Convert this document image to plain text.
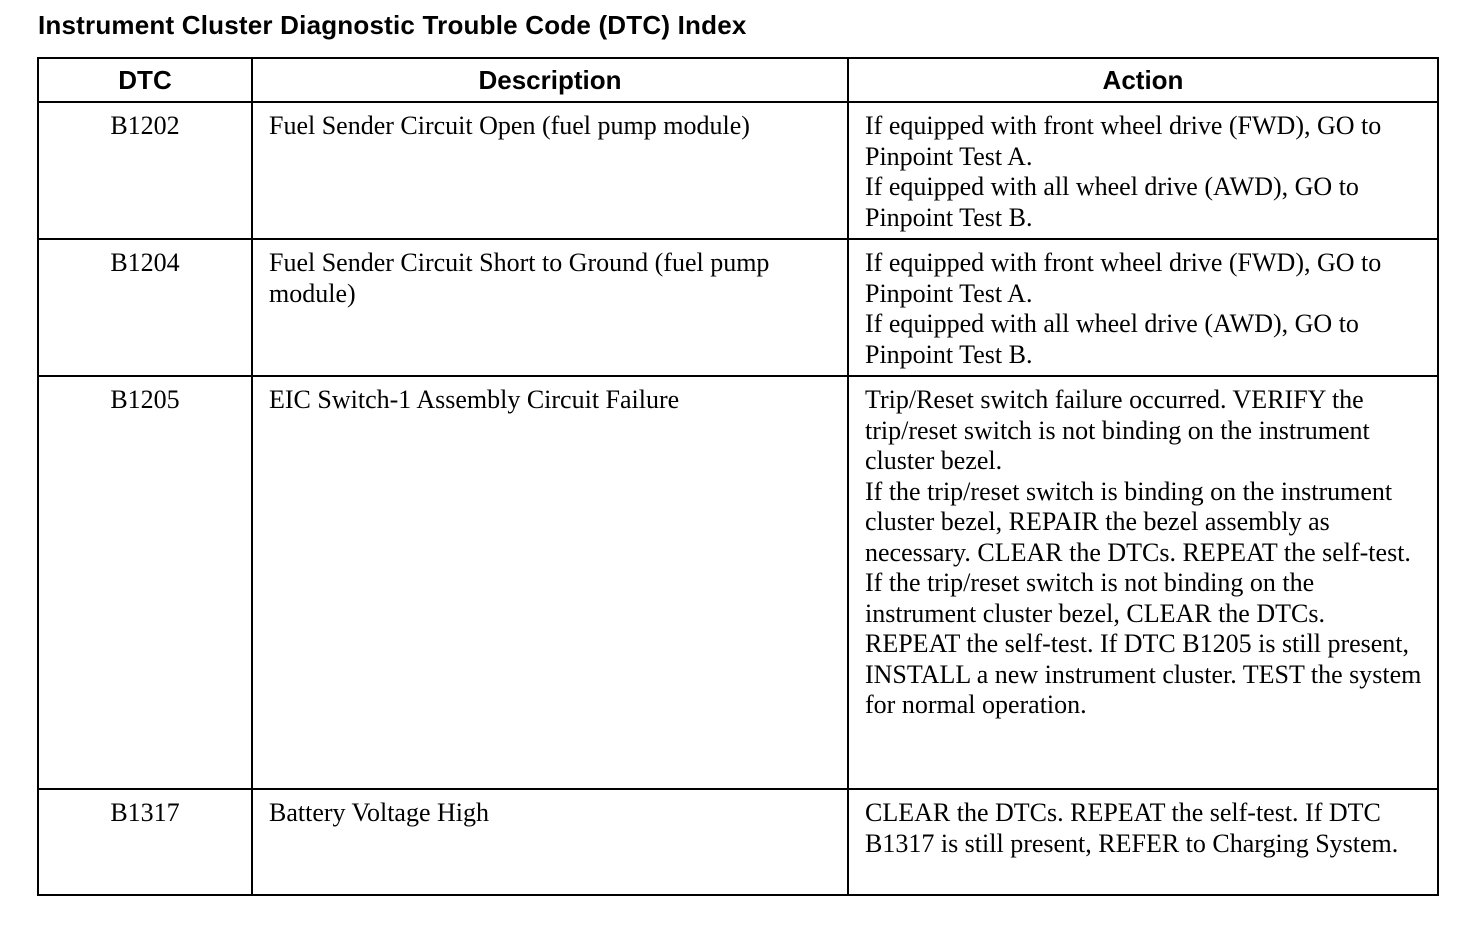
Instrument Cluster Diagnostic Trouble Code (DTC) Index
DTC	Description	Action
B1202	Fuel Sender Circuit Open (fuel pump module)	If equipped with front wheel drive (FWD), GO to Pinpoint Test A.
If equipped with all wheel drive (AWD), GO to Pinpoint Test B.

B1204	Fuel Sender Circuit Short to Ground (fuel pump module)	If equipped with front wheel drive (FWD), GO to Pinpoint Test A.
If equipped with all wheel drive (AWD), GO to Pinpoint Test B.

B1205	EIC Switch-1 Assembly Circuit Failure	Trip/Reset switch failure occurred. VERIFY the trip/reset switch is not binding on the instrument cluster bezel.
If the trip/reset switch is binding on the instrument cluster bezel, REPAIR the bezel assembly as necessary. CLEAR the DTCs. REPEAT the self-test.
If the trip/reset switch is not binding on the instrument cluster bezel, CLEAR the DTCs. REPEAT the self-test. If DTC B1205 is still present, INSTALL a new instrument cluster. TEST the system for normal operation.

B1317	Battery Voltage High	CLEAR the DTCs. REPEAT the self-test. If DTC B1317 is still present, REFER to Charging System.
